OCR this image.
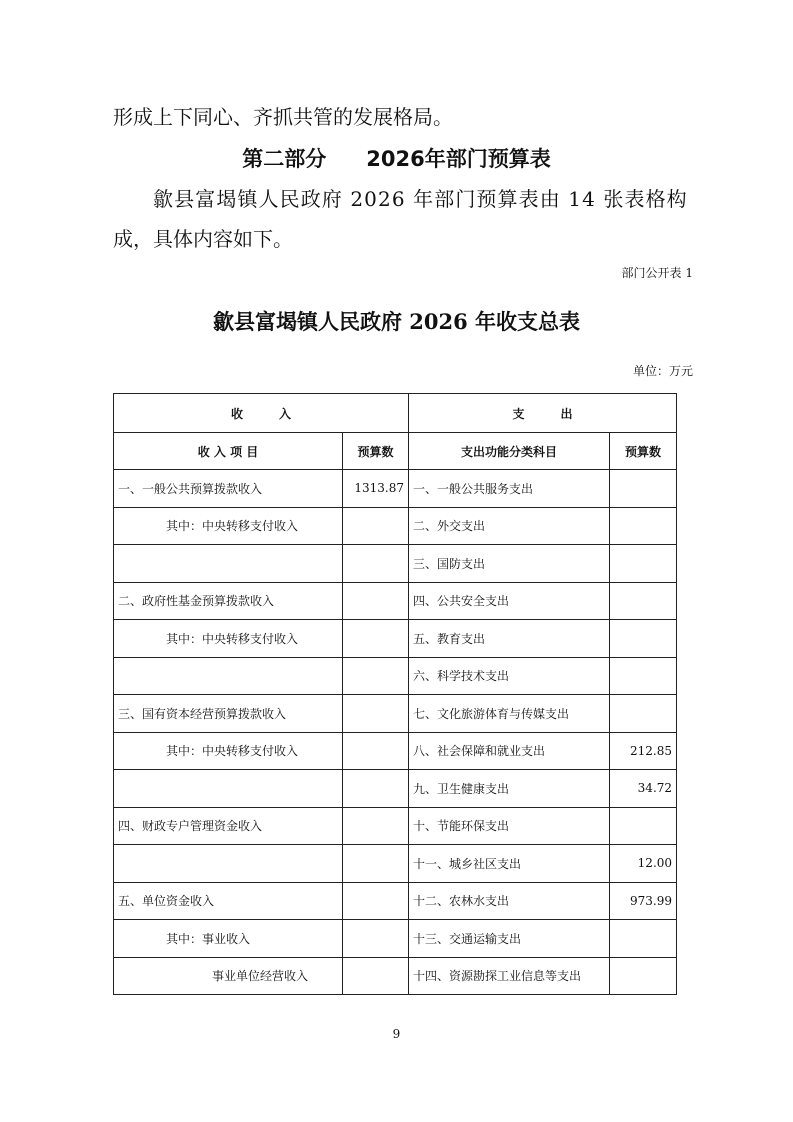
形成上下同心、齐抓共管的发展格局。

第二部分 2026年部门预算表

歙县富堨镇人民政府 2026 年部门预算表由 14 张表格构

成，具体内容如下。

部门公开表 1

歙县富堨镇人民政府 2026 年收支总表

单位：万元

收　　　入		支　　　出	
收 入 项 目	预算数	支出功能分类科目	预算数
一、一般公共预算拨款收入	1313.87	一、一般公共服务支出	
其中：中央转移支付收入		二、外交支出	
		三、国防支出	
二、政府性基金预算拨款收入		四、公共安全支出	
其中：中央转移支付收入		五、教育支出	
		六、科学技术支出	
三、国有资本经营预算拨款收入		七、文化旅游体育与传媒支出	
其中：中央转移支付收入		八、社会保障和就业支出	212.85
		九、卫生健康支出	34.72
四、财政专户管理资金收入		十、节能环保支出	
		十一、城乡社区支出	12.00
五、单位资金收入		十二、农林水支出	973.99
其中：事业收入		十三、交通运输支出	
事业单位经营收入		十四、资源勘探工业信息等支出	

9
